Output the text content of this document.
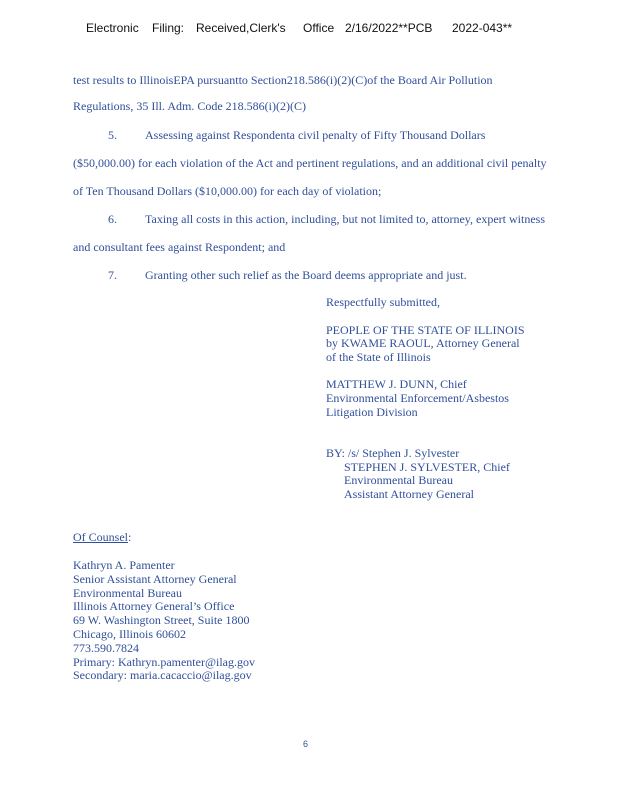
Electronic Filing: Received,Clerk's Office 2/16/2022**PCB 2022-043**
test results to IllinoisEPA pursuantto Section218.586(i)(2)(C)of the Board Air Pollution
Regulations, 35 Ill. Adm. Code 218.586(i)(2)(C)
5. Assessing against Respondenta civil penalty of Fifty Thousand Dollars
($50,000.00) for each violation of the Act and pertinent regulations, and an additional civil penalty
of Ten Thousand Dollars ($10,000.00) for each day of violation;
6. Taxing all costs in this action, including, but not limited to, attorney, expert witness
and consultant fees against Respondent; and
7. Granting other such relief as the Board deems appropriate and just.
Respectfully submitted,
PEOPLE OF THE STATE OF ILLINOIS
by KWAME RAOUL, Attorney General
of the State of Illinois
MATTHEW J. DUNN, Chief
Environmental Enforcement/Asbestos
Litigation Division
BY: /s/ Stephen J. Sylvester
STEPHEN J. SYLVESTER, Chief
Environmental Bureau
Assistant Attorney General
Of Counsel:
Kathryn A. Pamenter
Senior Assistant Attorney General
Environmental Bureau
Illinois Attorney General’s Office
69 W. Washington Street, Suite 1800
Chicago, Illinois 60602
773.590.7824
Primary: Kathryn.pamenter@ilag.gov
Secondary: maria.cacaccio@ilag.gov
6
